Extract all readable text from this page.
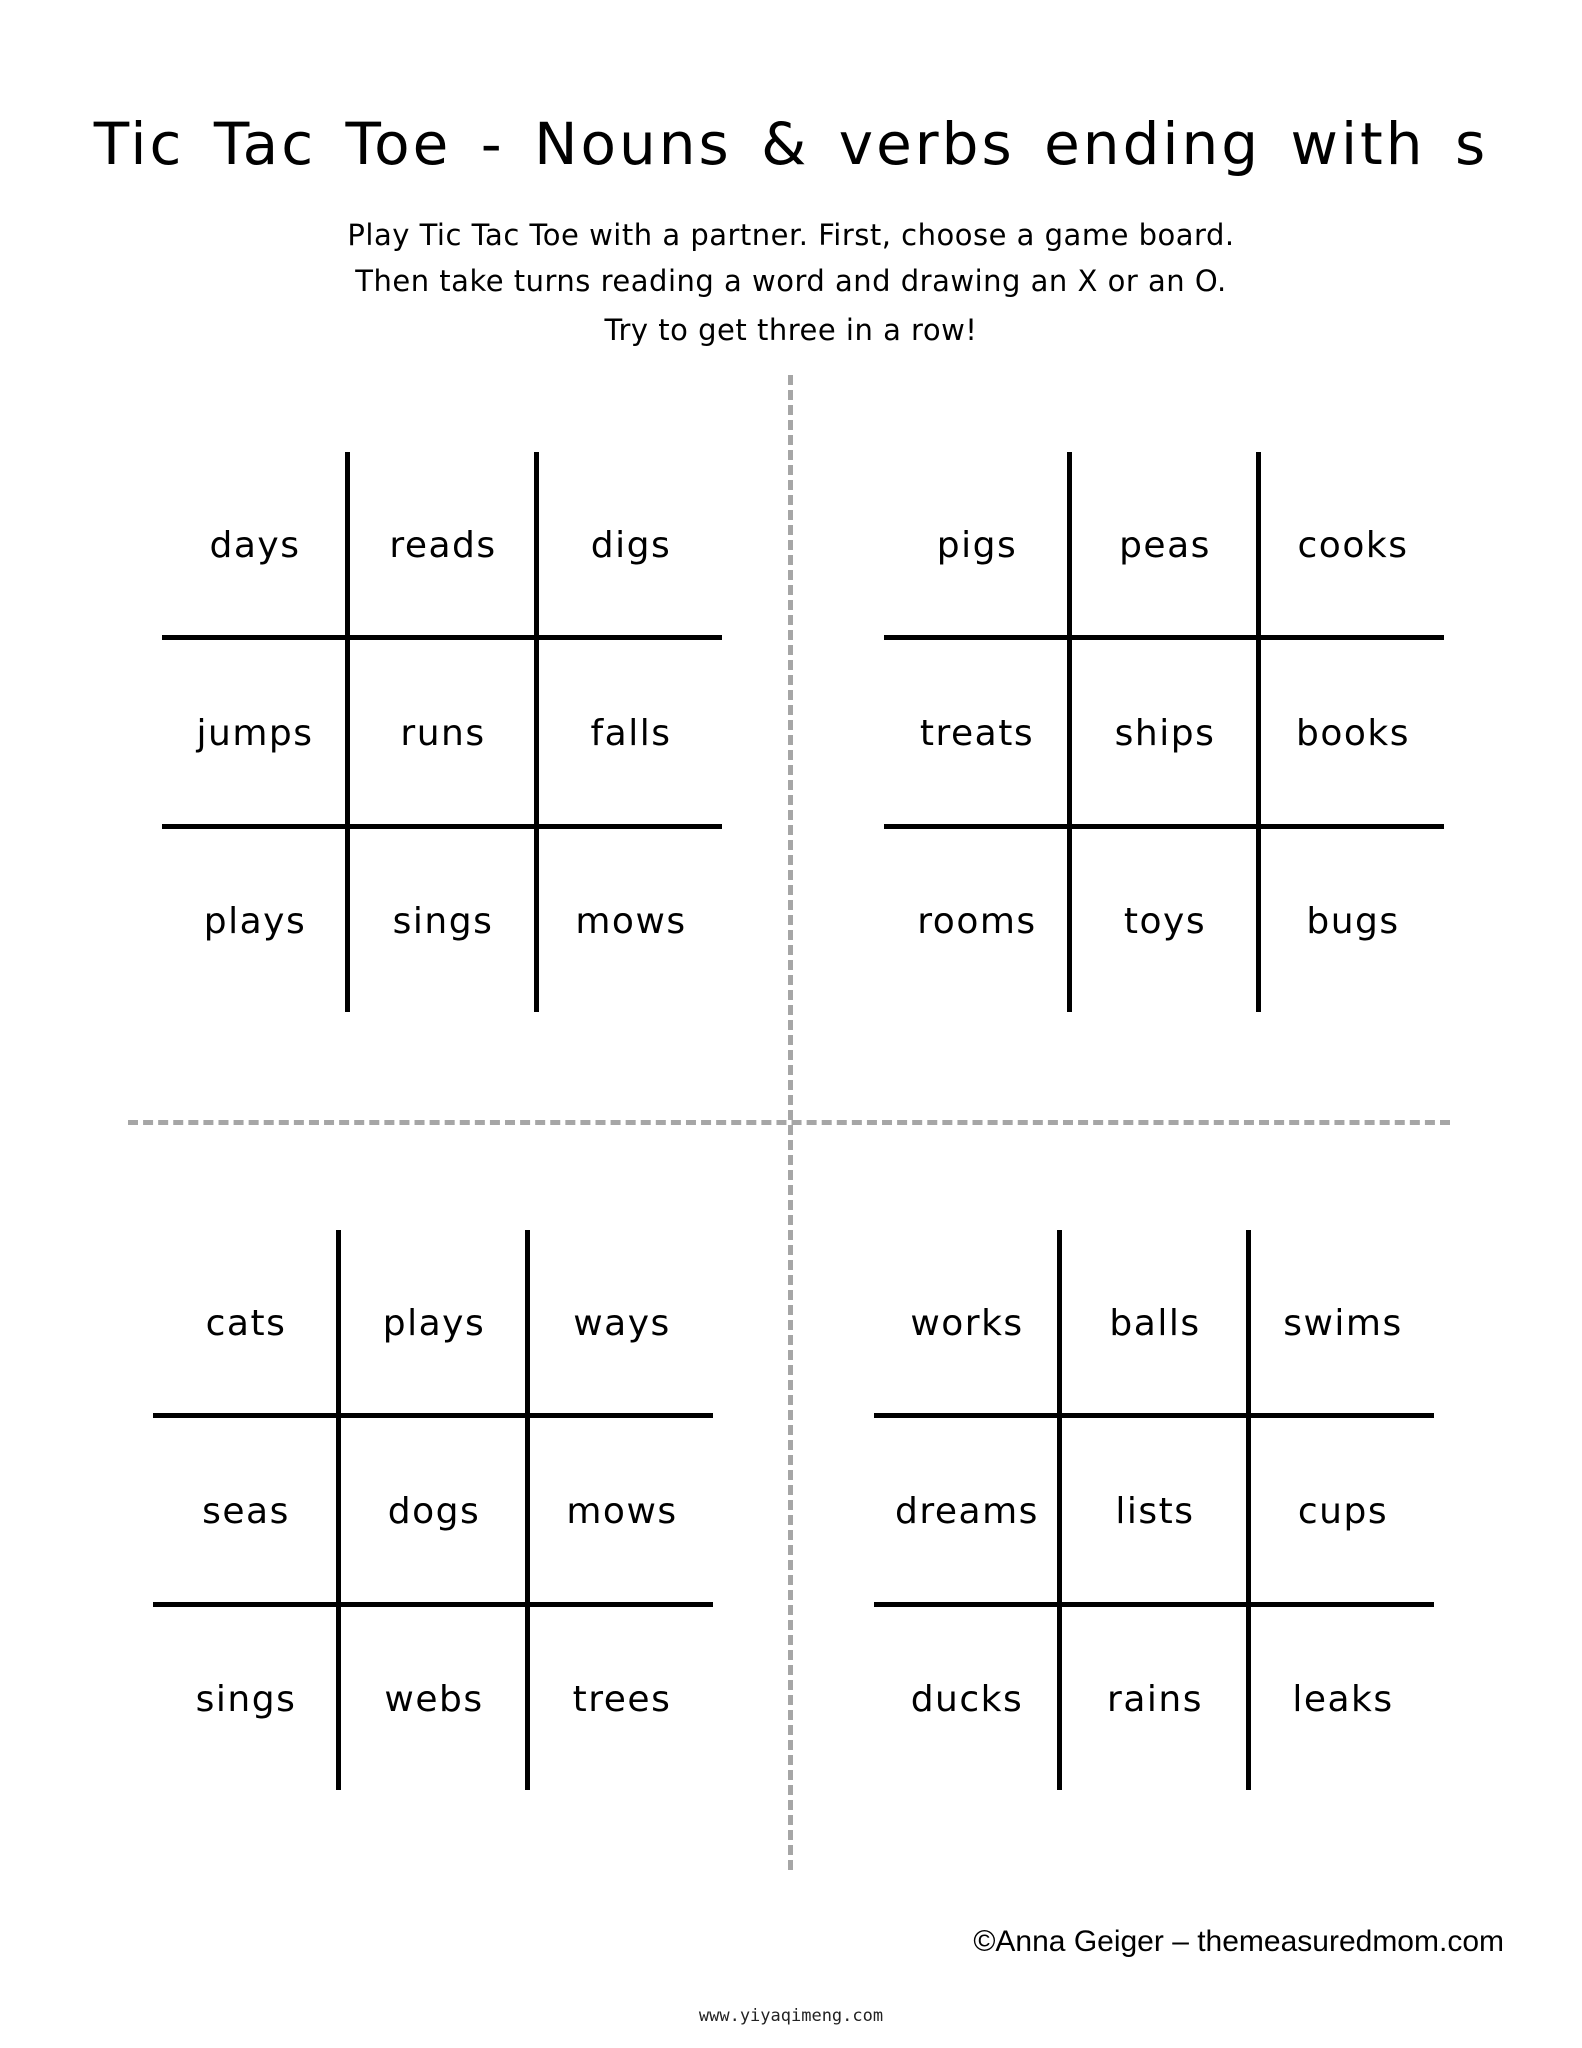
Tic Tac Toe - Nouns & verbs ending with s
Play Tic Tac Toe with a partner. First, choose a game board.
Then take turns reading a word and drawing an X or an O.
Try to get three in a row!
days	reads	digs
jumps	runs	falls
plays	sings	mows
pigs	peas	cooks
treats	ships	books
rooms	toys	bugs
cats	plays	ways
seas	dogs	mows
sings	webs	trees
works	balls	swims
dreams	lists	cups
ducks	rains	leaks
©Anna Geiger – themeasuredmom.com
www.yiyaqimeng.com
